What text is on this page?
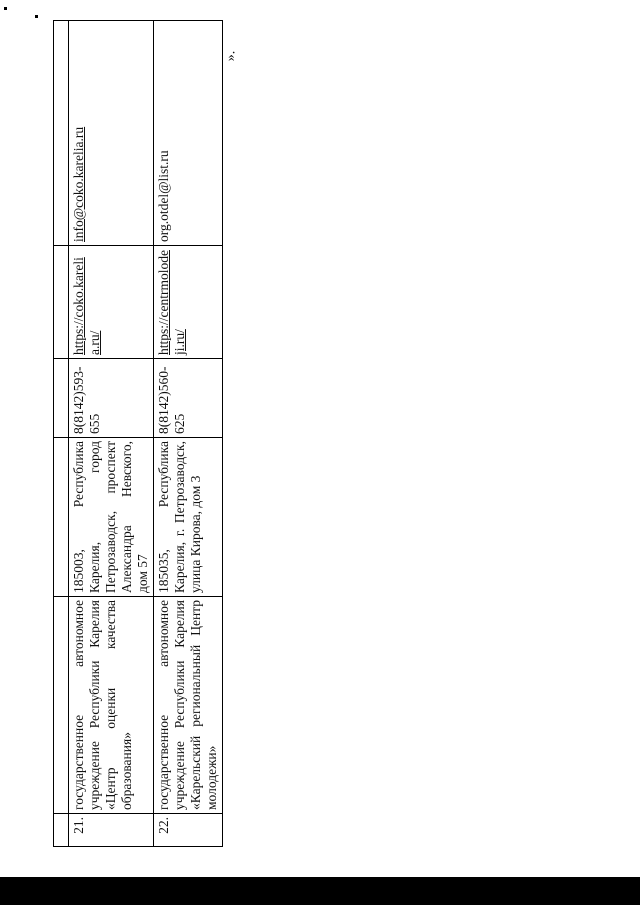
21.	государственное автономное учреждение Республики Карелия «Центр оценки качества образования»	185003, Республика Карелия, город Петрозаводск, проспект Александра Невского, дом 57	8(8142)593-655	https://coko.karelia.ru/	info@coko.karelia.ru
22.	государственное автономное учреждение Республики Карелия «Карельский региональный Центр молодежи»	185035, Республика Карелия, г. Петрозаводск, улица Кирова, дом 3	8(8142)560-625	https://centrmolodeji.ru/	org.otdel@list.ru
».
